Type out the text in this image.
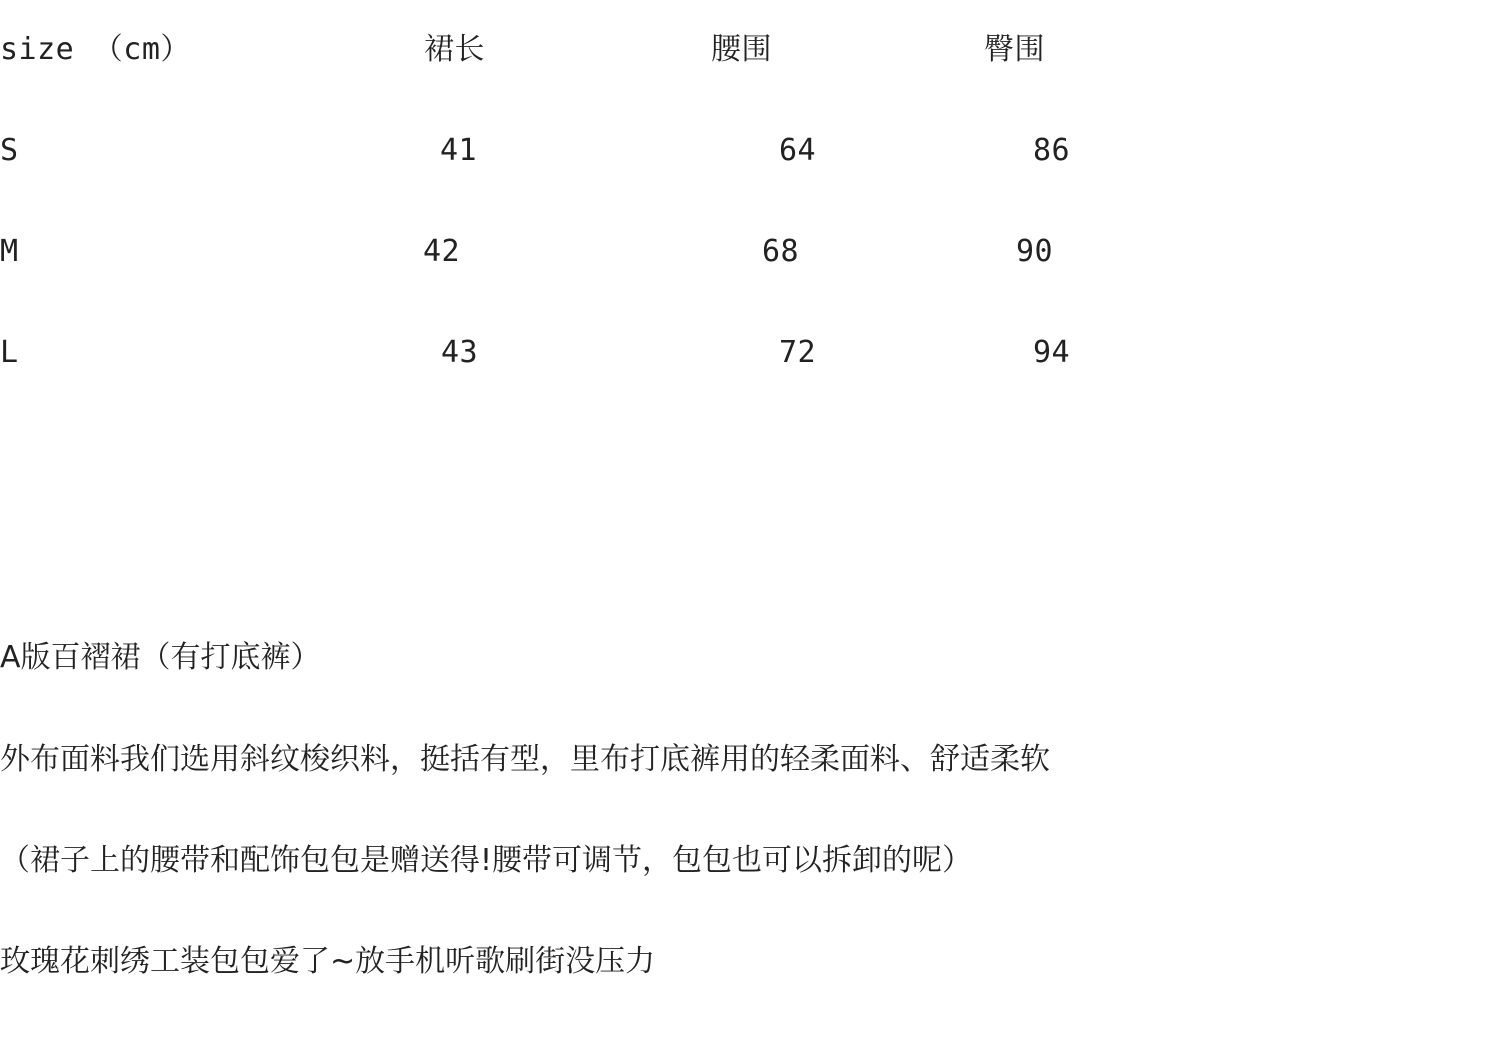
size （cm）	裙长	腰围	臀围
S	41	64	86
M	42	68	90
L	43	72	94
A版百褶裙（有打底裤）
外布面料我们选用斜纹梭织料，挺括有型，里布打底裤用的轻柔面料、舒适柔软
（裙子上的腰带和配饰包包是赠送得!腰带可调节，包包也可以拆卸的呢）
玫瑰花刺绣工装包包爱了~放手机听歌刷街没压力
